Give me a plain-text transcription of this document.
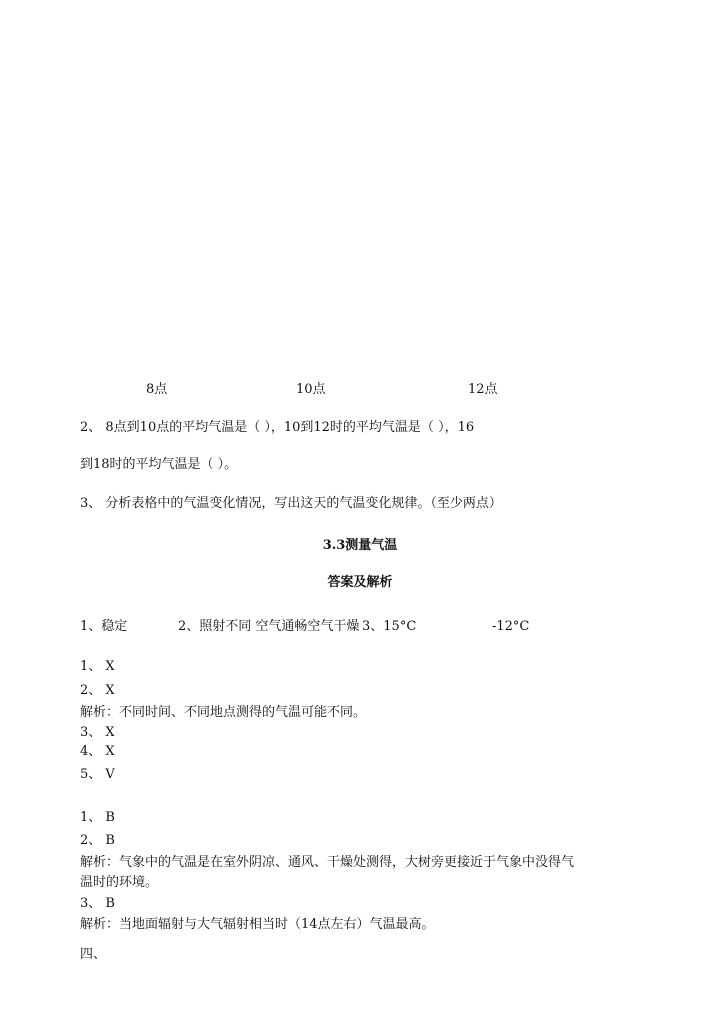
8点	10点	12点
2、 8点到10点的平均气温是（ ），10到12时的平均气温是（ ），16
到18时的平均气温是（ ）。
3、 分析表格中的气温变化情况，写出这天的气温变化规律。（至少两点）
3.3测量气温
答案及解析
1、稳定	2、照射不同 空气通畅空气干燥 3、15°C	-12°C
1、 X
2、 X
解析：不同时间、不同地点测得的气温可能不同。
3、 X
4、 X
5、 V
1、 B
2、 B
解析：气象中的气温是在室外阴凉、通风、干燥处测得，大树旁更接近于气象中没得气
温时的环境。
3、 B
解析：当地面辐射与大气辐射相当时（14点左右）气温最高。
四、
